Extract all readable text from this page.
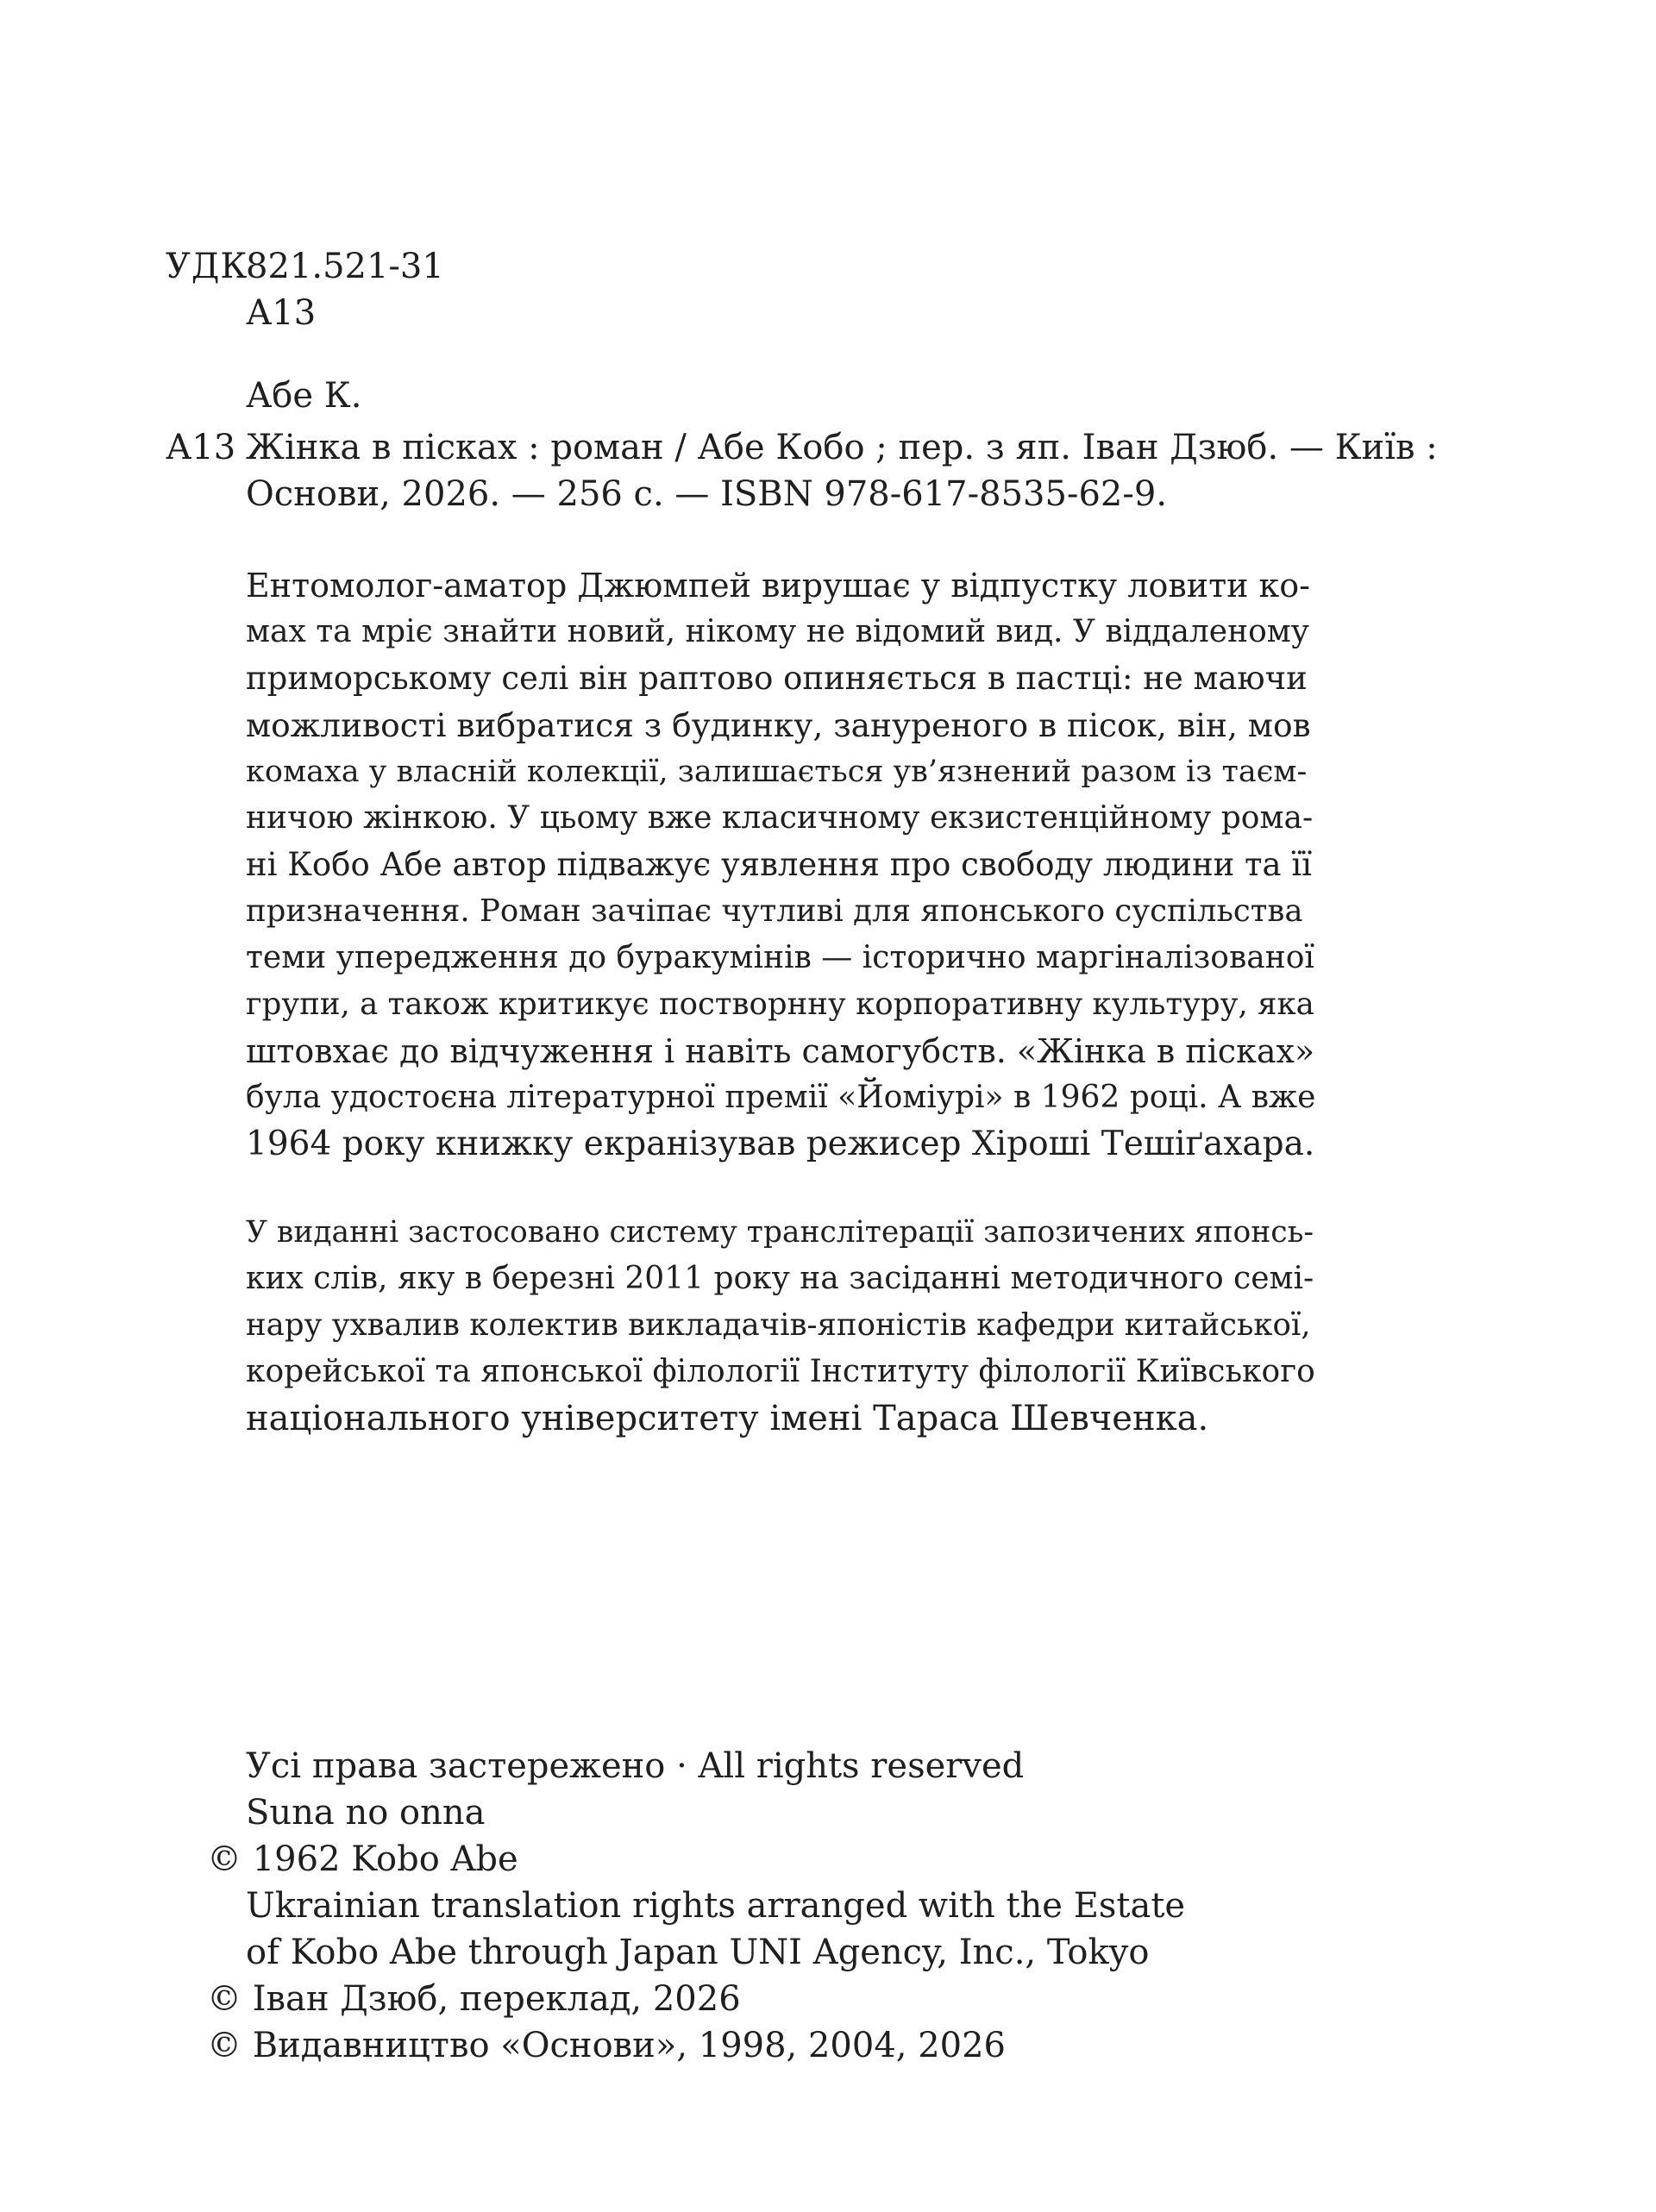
УДК
821.521-31
А13
Абе К.
А13 Жінка в пісках : роман / Абе Кобо ; пер. з яп. Іван Дзюб. — Київ :
Основи, 2026. — 256 с. — ISBN 978-617-8535-62-9.
Ентомолог-аматор Джюмпей вирушає у відпустку ловити ко-
мах та мріє знайти новий, нікому не відомий вид. У віддаленому
приморському селі він раптово опиняється в пастці: не маючи
можливості вибратися з будинку, зануреного в пісок, він, мов
комаха у власній колекції, залишається ув’язнений разом із таєм-
ничою жінкою. У цьому вже класичному екзистенційному рома-
ні Кобо Абе автор підважує уявлення про свободу людини та її
призначення. Роман зачіпає чутливі для японського суспільства
теми упередження до буракумінів — історично маргіналізованої
групи, а також критикує постворнну корпоративну культуру, яка
штовхає до відчуження і навіть самогубств. «Жінка в пісках»
була удостоєна літературної премії «Йоміурі» в 1962 році. А вже
1964 року книжку екранізував режисер Хіроші Тешіґахара.
У виданні застосовано систему транслітерації запозичених японсь-
ких слів, яку в березні 2011 року на засіданні методичного семі-
нару ухвалив колектив викладачів-японістів кафедри китайської,
корейської та японської філології Інституту філології Київського
національного університету імені Тараса Шевченка.
Усі права застережено · All rights reserved
Suna no onna
© 1962 Kobo Abe
Ukrainian translation rights arranged with the Estate
of Kobo Abe through Japan UNI Agency, Inc., Tokyo
© Іван Дзюб, переклад, 2026
© Видавництво «Основи», 1998, 2004, 2026
